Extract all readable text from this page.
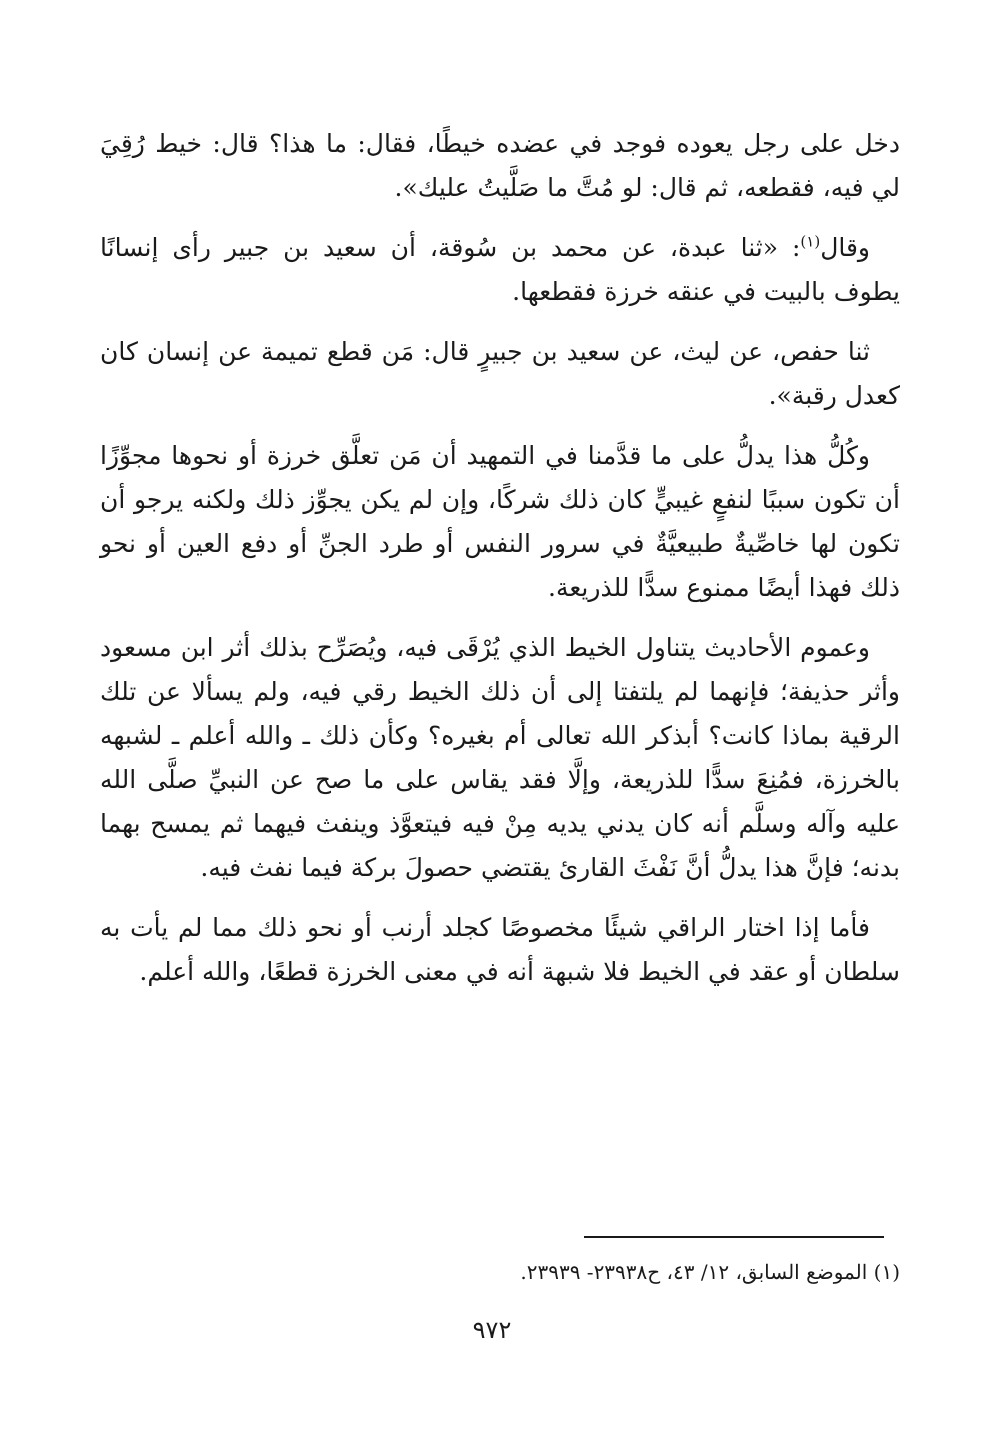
دخل على رجل يعوده فوجد في عضده خيطًا، فقال: ما هذا؟ قال: خيط رُقِيَ لي فيه، فقطعه، ثم قال: لو مُتَّ ما صَلَّيتُ عليك».

وقال$^{(١)}$: «ثنا عبدة، عن محمد بن سُوقة، أن سعيد بن جبير رأى إنسانًا يطوف بالبيت في عنقه خرزة فقطعها.

ثنا حفص، عن ليث، عن سعيد بن جبيرٍ قال: مَن قطع تميمة عن إنسان كان كعدل رقبة».

وكُلُّ هذا يدلُّ على ما قدَّمنا في التمهيد أن مَن تعلَّق خرزة أو نحوها مجوِّزًا أن تكون سببًا لنفعٍ غيبيٍّ كان ذلك شركًا، وإن لم يكن يجوِّز ذلك ولكنه يرجو أن تكون لها خاصِّيةٌ طبيعيَّةٌ في سرور النفس أو طرد الجنِّ أو دفع العين أو نحو ذلك فهذا أيضًا ممنوع سدًّا للذريعة.

وعموم الأحاديث يتناول الخيط الذي يُرْقَى فيه، ويُصَرِّح بذلك أثر ابن مسعود وأثر حذيفة؛ فإنهما لم يلتفتا إلى أن ذلك الخيط رقي فيه، ولم يسألا عن تلك الرقية بماذا كانت؟ أبذكر الله تعالى أم بغيره؟ وكأن ذلك ـ والله أعلم ـ لشبهه بالخرزة، فمُنِعَ سدًّا للذريعة، وإلَّا فقد يقاس على ما صح عن النبيِّ صلَّى الله عليه وآله وسلَّم أنه كان يدني يديه مِنْ فيه فيتعوَّذ وينفث فيهما ثم يمسح بهما بدنه؛ فإنَّ هذا يدلُّ أنَّ نَفْثَ القارئ يقتضي حصولَ بركة فيما نفث فيه.

فأما إذا اختار الراقي شيئًا مخصوصًا كجلد أرنب أو نحو ذلك مما لم يأت به سلطان أو عقد في الخيط فلا شبهة أنه في معنى الخرزة قطعًا، والله أعلم.

(١) الموضع السابق، ١٢/ ٤٣، ح٢٣٩٣٨- ٢٣٩٣٩.
٩٧٢
